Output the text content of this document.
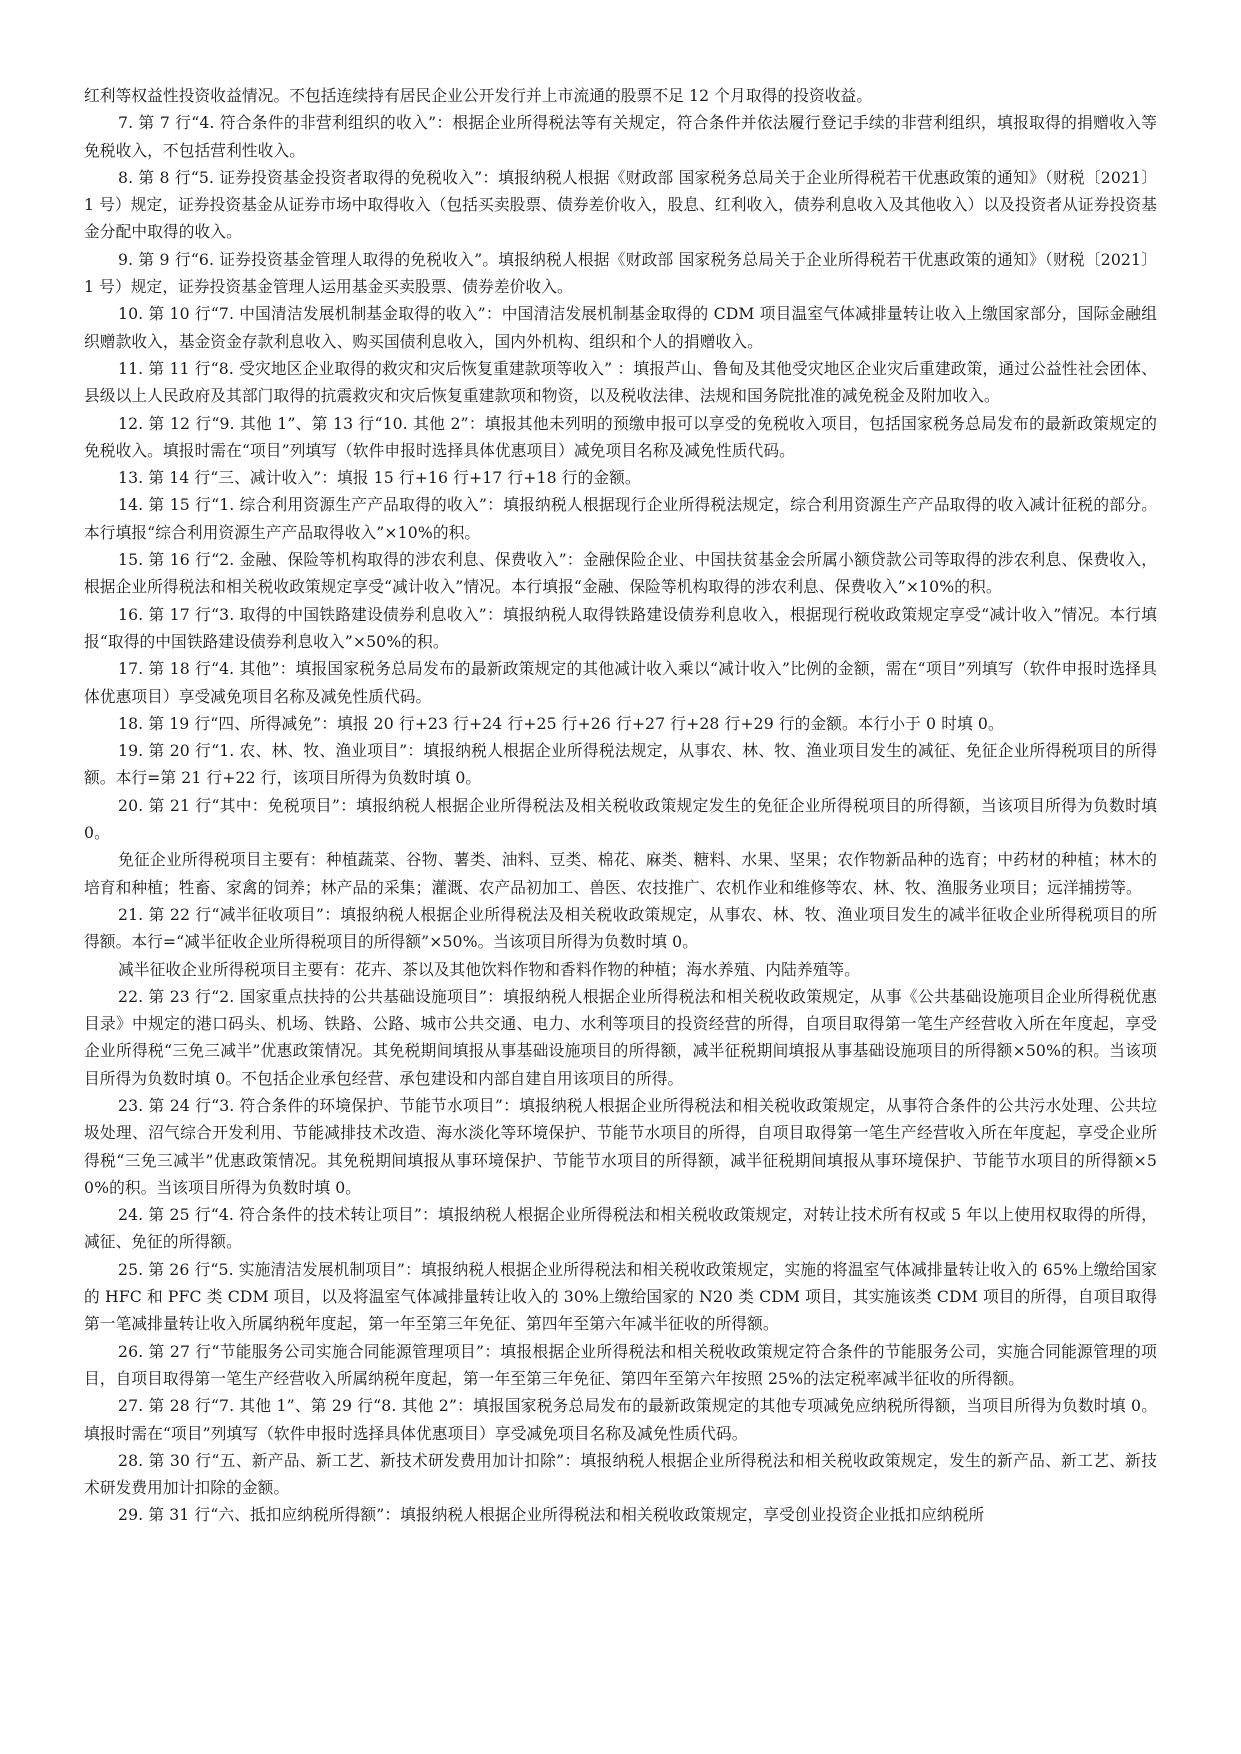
红利等权益性投资收益情况。不包括连续持有居民企业公开发行并上市流通的股票不足 12 个月取得的投资收益。

7. 第 7 行“4. 符合条件的非营利组织的收入”：根据企业所得税法等有关规定，符合条件并依法履行登记手续的非营利组织，填报取得的捐赠收入等免税收入，不包括营利性收入。

8. 第 8 行“5. 证券投资基金投资者取得的免税收入”：填报纳税人根据《财政部 国家税务总局关于企业所得税若干优惠政策的通知》（财税〔2021〕1 号）规定，证券投资基金从证券市场中取得收入（包括买卖股票、债券差价收入，股息、红利收入，债券利息收入及其他收入）以及投资者从证券投资基金分配中取得的收入。

9. 第 9 行“6. 证券投资基金管理人取得的免税收入”。填报纳税人根据《财政部 国家税务总局关于企业所得税若干优惠政策的通知》（财税〔2021〕1 号）规定，证券投资基金管理人运用基金买卖股票、债券差价收入。

10. 第 10 行“7. 中国清洁发展机制基金取得的收入”：中国清洁发展机制基金取得的 CDM 项目温室气体减排量转让收入上缴国家部分，国际金融组织赠款收入，基金资金存款利息收入、购买国债利息收入，国内外机构、组织和个人的捐赠收入。

11. 第 11 行“8. 受灾地区企业取得的救灾和灾后恢复重建款项等收入” ：填报芦山、鲁甸及其他受灾地区企业灾后重建政策，通过公益性社会团体、县级以上人民政府及其部门取得的抗震救灾和灾后恢复重建款项和物资，以及税收法律、法规和国务院批准的减免税金及附加收入。

12. 第 12 行“9. 其他 1”、第 13 行“10. 其他 2”：填报其他未列明的预缴申报可以享受的免税收入项目，包括国家税务总局发布的最新政策规定的免税收入。填报时需在“项目”列填写（软件申报时选择具体优惠项目）减免项目名称及减免性质代码。

13. 第 14 行“三、减计收入”：填报 15 行+16 行+17 行+18 行的金额。

14. 第 15 行“1. 综合利用资源生产产品取得的收入”：填报纳税人根据现行企业所得税法规定，综合利用资源生产产品取得的收入减计征税的部分。本行填报“综合利用资源生产产品取得收入”×10%的积。

15. 第 16 行“2. 金融、保险等机构取得的涉农利息、保费收入”：金融保险企业、中国扶贫基金会所属小额贷款公司等取得的涉农利息、保费收入，根据企业所得税法和相关税收政策规定享受“减计收入”情况。本行填报“金融、保险等机构取得的涉农利息、保费收入”×10%的积。

16. 第 17 行“3. 取得的中国铁路建设债券利息收入”：填报纳税人取得铁路建设债券利息收入，根据现行税收政策规定享受“减计收入”情况。本行填报“取得的中国铁路建设债券利息收入”×50%的积。

17. 第 18 行“4. 其他”：填报国家税务总局发布的最新政策规定的其他减计收入乘以“减计收入”比例的金额，需在“项目”列填写（软件申报时选择具体优惠项目）享受减免项目名称及减免性质代码。

18. 第 19 行“四、所得减免”：填报 20 行+23 行+24 行+25 行+26 行+27 行+28 行+29 行的金额。本行小于 0 时填 0。

19. 第 20 行“1. 农、林、牧、渔业项目”：填报纳税人根据企业所得税法规定，从事农、林、牧、渔业项目发生的减征、免征企业所得税项目的所得额。本行=第 21 行+22 行，该项目所得为负数时填 0。

20. 第 21 行“其中：免税项目”：填报纳税人根据企业所得税法及相关税收政策规定发生的免征企业所得税项目的所得额，当该项目所得为负数时填 0。

免征企业所得税项目主要有：种植蔬菜、谷物、薯类、油料、豆类、棉花、麻类、糖料、水果、坚果；农作物新品种的选育；中药材的种植；林木的培育和种植；牲畜、家禽的饲养；林产品的采集；灌溉、农产品初加工、兽医、农技推广、农机作业和维修等农、林、牧、渔服务业项目；远洋捕捞等。

21. 第 22 行“减半征收项目”：填报纳税人根据企业所得税法及相关税收政策规定，从事农、林、牧、渔业项目发生的减半征收企业所得税项目的所得额。本行=“减半征收企业所得税项目的所得额”×50%。当该项目所得为负数时填 0。

减半征收企业所得税项目主要有：花卉、茶以及其他饮料作物和香料作物的种植；海水养殖、内陆养殖等。

22. 第 23 行“2. 国家重点扶持的公共基础设施项目”：填报纳税人根据企业所得税法和相关税收政策规定，从事《公共基础设施项目企业所得税优惠目录》中规定的港口码头、机场、铁路、公路、城市公共交通、电力、水利等项目的投资经营的所得，自项目取得第一笔生产经营收入所在年度起，享受企业所得税“三免三减半”优惠政策情况。其免税期间填报从事基础设施项目的所得额，减半征税期间填报从事基础设施项目的所得额×50%的积。当该项目所得为负数时填 0。不包括企业承包经营、承包建设和内部自建自用该项目的所得。

23. 第 24 行“3. 符合条件的环境保护、节能节水项目”：填报纳税人根据企业所得税法和相关税收政策规定，从事符合条件的公共污水处理、公共垃圾处理、沼气综合开发利用、节能减排技术改造、海水淡化等环境保护、节能节水项目的所得，自项目取得第一笔生产经营收入所在年度起，享受企业所得税“三免三减半”优惠政策情况。其免税期间填报从事环境保护、节能节水项目的所得额，减半征税期间填报从事环境保护、节能节水项目的所得额×50%的积。当该项目所得为负数时填 0。

24. 第 25 行“4. 符合条件的技术转让项目”：填报纳税人根据企业所得税法和相关税收政策规定，对转让技术所有权或 5 年以上使用权取得的所得，减征、免征的所得额。

25. 第 26 行“5. 实施清洁发展机制项目”：填报纳税人根据企业所得税法和相关税收政策规定，实施的将温室气体减排量转让收入的 65%上缴给国家的 HFC 和 PFC 类 CDM 项目，以及将温室气体减排量转让收入的 30%上缴给国家的 N20 类 CDM 项目，其实施该类 CDM 项目的所得，自项目取得第一笔减排量转让收入所属纳税年度起，第一年至第三年免征、第四年至第六年减半征收的所得额。

26. 第 27 行“节能服务公司实施合同能源管理项目”：填报根据企业所得税法和相关税收政策规定符合条件的节能服务公司，实施合同能源管理的项目，自项目取得第一笔生产经营收入所属纳税年度起，第一年至第三年免征、第四年至第六年按照 25%的法定税率减半征收的所得额。

27. 第 28 行“7. 其他 1”、第 29 行“8. 其他 2”：填报国家税务总局发布的最新政策规定的其他专项减免应纳税所得额，当项目所得为负数时填 0。填报时需在“项目”列填写（软件申报时选择具体优惠项目）享受减免项目名称及减免性质代码。

28. 第 30 行“五、新产品、新工艺、新技术研发费用加计扣除”：填报纳税人根据企业所得税法和相关税收政策规定，发生的新产品、新工艺、新技术研发费用加计扣除的金额。

29. 第 31 行“六、抵扣应纳税所得额”：填报纳税人根据企业所得税法和相关税收政策规定，享受创业投资企业抵扣应纳税所
